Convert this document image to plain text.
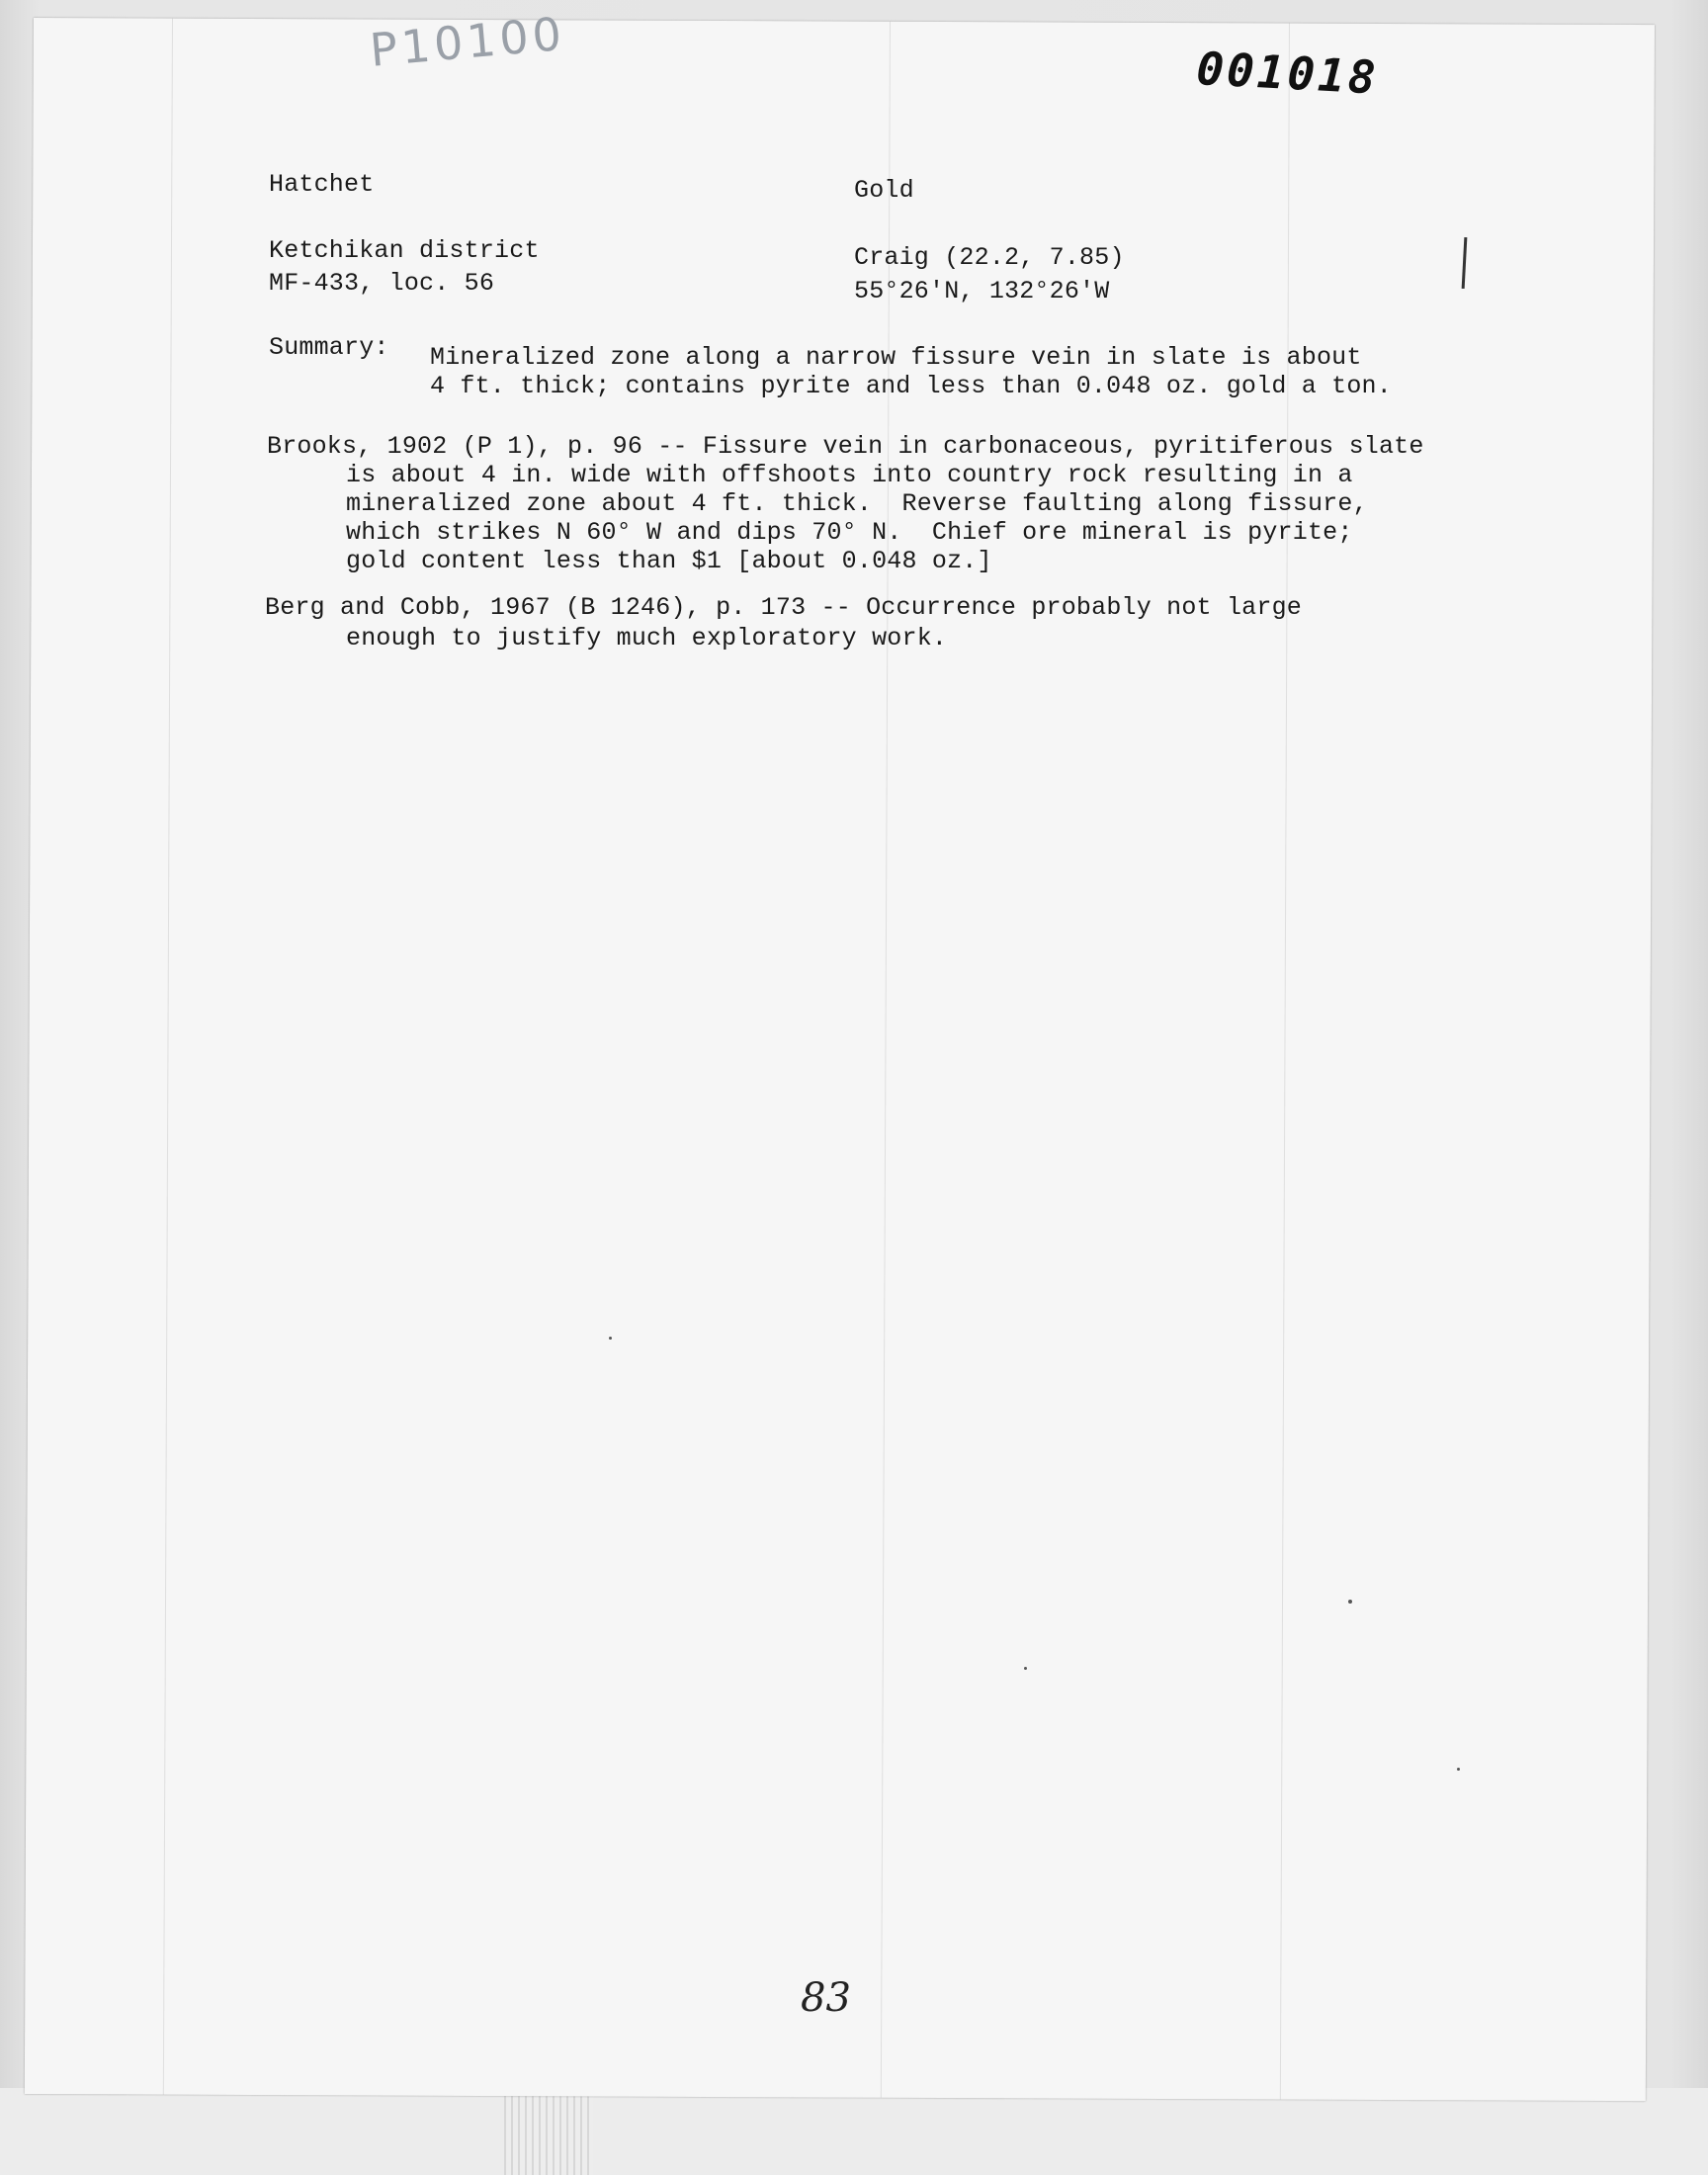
P10100	001018
Hatchet	Gold
Ketchikan district	Craig (22.2, 7.85)
MF-433, loc. 56	55°26'N, 132°26'W
Summary: Mineralized zone along a narrow fissure vein in slate is about
4 ft. thick; contains pyrite and less than 0.048 oz. gold a ton.
Brooks, 1902 (P 1), p. 96 -- Fissure vein in carbonaceous, pyritiferous slate
is about 4 in. wide with offshoots into country rock resulting in a
mineralized zone about 4 ft. thick.  Reverse faulting along fissure,
which strikes N 60° W and dips 70° N.  Chief ore mineral is pyrite;
gold content less than $1 [about 0.048 oz.]
Berg and Cobb, 1967 (B 1246), p. 173 -- Occurrence probably not large
enough to justify much exploratory work.
83
